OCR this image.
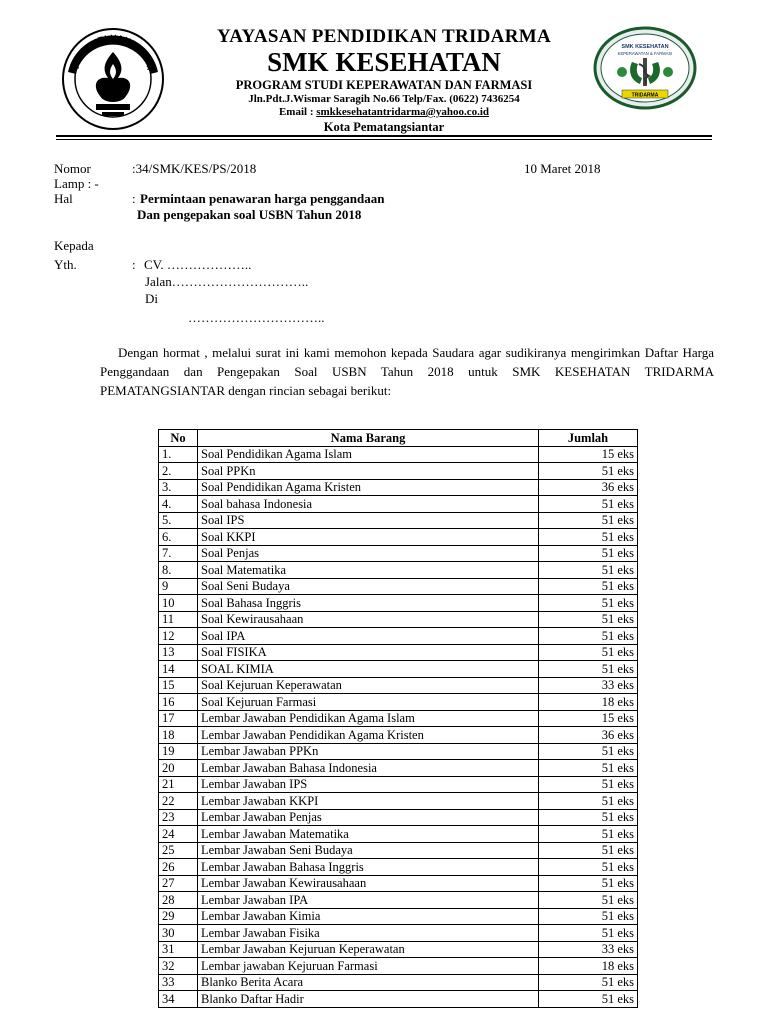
TUT WURI HANDAYANI
SMK KESEHATAN
KEPERAWATAN & FARMASI
TRIDARMA
YAYASAN PENDIDIKAN TRIDARMA
SMK KESEHATAN
PROGRAM STUDI KEPERAWATAN DAN FARMASI
Jln.Pdt.J.Wismar Saragih No.66 Telp/Fax. (0622) 7436254
Email : smkkesehatantridarma@yahoo.co.id
Kota Pematangsiantar
Nomor	:34/SMK/KES/PS/2018	10 Maret 2018
Lamp : -
Hal	: Permintaan penawaran harga penggandaan
Dan pengepakan soal USBN Tahun 2018
Kepada
Yth.	: CV. ………………..
Jalan…………………………..
Di
…………………………..
Dengan hormat , melalui surat ini kami memohon kepada Saudara agar sudikiranya mengirimkan Daftar Harga Penggandaan dan Pengepakan Soal USBN Tahun 2018 untuk SMK KESEHATAN TRIDARMA PEMATANGSIANTAR dengan rincian sebagai berikut:
No	Nama Barang	Jumlah
1.	Soal Pendidikan Agama Islam	15 eks
2.	Soal PPKn	51 eks
3.	Soal Pendidikan Agama Kristen	36 eks
4.	Soal bahasa Indonesia	51 eks
5.	Soal IPS	51 eks
6.	Soal KKPI	51 eks
7.	Soal Penjas	51 eks
8.	Soal Matematika	51 eks
9	Soal Seni Budaya	51 eks
10	Soal Bahasa Inggris	51 eks
11	Soal Kewirausahaan	51 eks
12	Soal IPA	51 eks
13	Soal FISIKA	51 eks
14	SOAL KIMIA	51 eks
15	Soal Kejuruan Keperawatan	33 eks
16	Soal Kejuruan Farmasi	18 eks
17	Lembar Jawaban Pendidikan Agama Islam	15 eks
18	Lembar Jawaban Pendidikan Agama Kristen	36 eks
19	Lembar Jawaban PPKn	51 eks
20	Lembar Jawaban Bahasa Indonesia	51 eks
21	Lembar Jawaban IPS	51 eks
22	Lembar Jawaban KKPI	51 eks
23	Lembar Jawaban Penjas	51 eks
24	Lembar Jawaban Matematika	51 eks
25	Lembar Jawaban Seni Budaya	51 eks
26	Lembar Jawaban Bahasa Inggris	51 eks
27	Lembar Jawaban Kewirausahaan	51 eks
28	Lembar Jawaban IPA	51 eks
29	Lembar Jawaban Kimia	51 eks
30	Lembar Jawaban Fisika	51 eks
31	Lembar Jawaban Kejuruan Keperawatan	33 eks
32	Lembar jawaban Kejuruan Farmasi	18 eks
33	Blanko Berita Acara	51 eks
34	Blanko Daftar Hadir	51 eks
